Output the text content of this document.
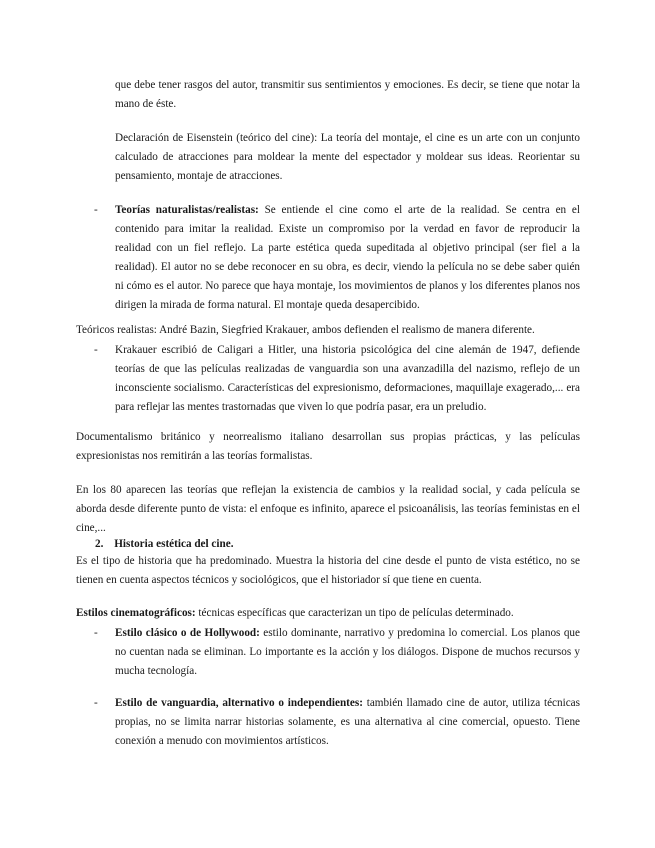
que debe tener rasgos del autor, transmitir sus sentimientos y emociones. Es decir, se tiene que notar la mano de éste.

Declaración de Eisenstein (teórico del cine): La teoría del montaje, el cine es un arte con un conjunto calculado de atracciones para moldear la mente del espectador y moldear sus ideas. Reorientar su pensamiento, montaje de atracciones.

- Teorías naturalistas/realistas: Se entiende el cine como el arte de la realidad. Se centra en el contenido para imitar la realidad. Existe un compromiso por la verdad en favor de reproducir la realidad con un fiel reflejo. La parte estética queda supeditada al objetivo principal (ser fiel a la realidad). El autor no se debe reconocer en su obra, es decir, viendo la película no se debe saber quién ni cómo es el autor. No parece que haya montaje, los movimientos de planos y los diferentes planos nos dirigen la mirada de forma natural. El montaje queda desapercibido.

Teóricos realistas: André Bazin, Siegfried Krakauer, ambos defienden el realismo de manera diferente.

- Krakauer escribió de Caligari a Hitler, una historia psicológica del cine alemán de 1947, defiende teorías de que las películas realizadas de vanguardia son una avanzadilla del nazismo, reflejo de un inconsciente socialismo. Características del expresionismo, deformaciones, maquillaje exagerado,... era para reflejar las mentes trastornadas que viven lo que podría pasar, era un preludio.

Documentalismo británico y neorrealismo italiano desarrollan sus propias prácticas, y las películas expresionistas nos remitirán a las teorías formalistas.

En los 80 aparecen las teorías que reflejan la existencia de cambios y la realidad social, y cada película se aborda desde diferente punto de vista: el enfoque es infinito, aparece el psicoanálisis, las teorías feministas en el cine,...

2. Historia estética del cine.

Es el tipo de historia que ha predominado. Muestra la historia del cine desde el punto de vista estético, no se tienen en cuenta aspectos técnicos y sociológicos, que el historiador sí que tiene en cuenta.

Estilos cinematográficos: técnicas específicas que caracterizan un tipo de películas determinado.

- Estilo clásico o de Hollywood: estilo dominante, narrativo y predomina lo comercial. Los planos que no cuentan nada se eliminan. Lo importante es la acción y los diálogos. Dispone de muchos recursos y mucha tecnología.
- Estilo de vanguardia, alternativo o independientes: también llamado cine de autor, utiliza técnicas propias, no se limita narrar historias solamente, es una alternativa al cine comercial, opuesto. Tiene conexión a menudo con movimientos artísticos.
